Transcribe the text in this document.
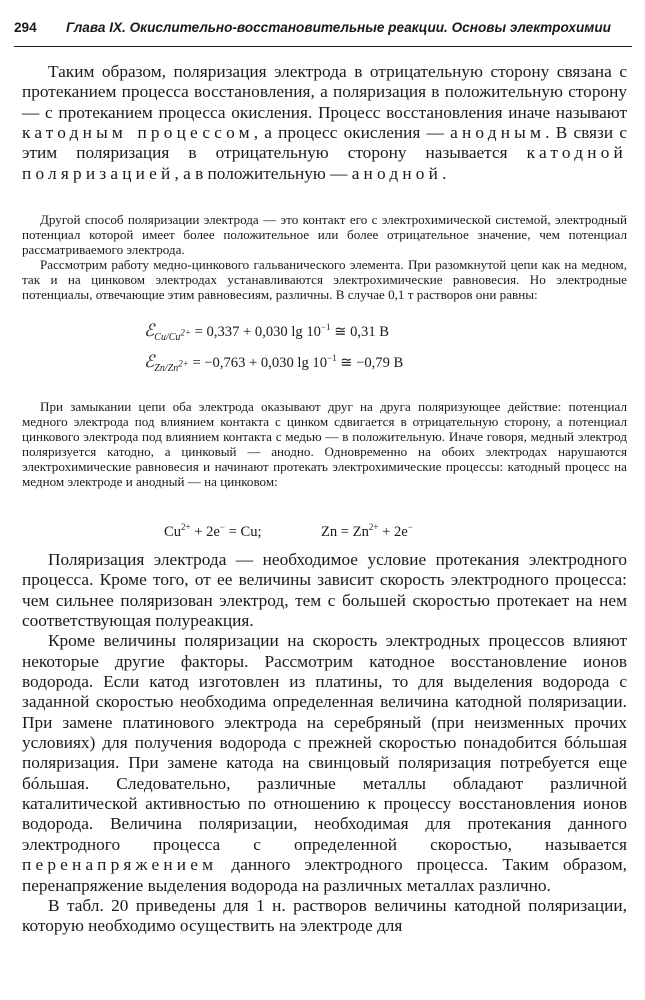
294 Глава IX. Окислительно-восстановительные реакции. Основы электрохимии

Таким образом, поляризация электрода в отрицательную сторону связана с протеканием процесса восстановления, а поляризация в положительную сторону — с протеканием процесса окисления. Процесс восстановления иначе называют катодным процессом, а процесс окисления — анодным. В связи с этим поляризация в отрицательную сторону называется катодной поляризацией, а в положительную — анодной.

Другой способ поляризации электрода — это контакт его с электрохимической системой, электродный потенциал которой имеет более положительное или более отрицательное значение, чем потенциал рассматриваемого электрода.

Рассмотрим работу медно-цинкового гальванического элемента. При разомкнутой цепи как на медном, так и на цинковом электродах устанавливаются электрохимические равновесия. Но электродные потенциалы, отвечающие этим равновесиям, различны. В случае 0,1 т растворов они равны:

ℰ$_{Cu/Cu^{2+}}$ = 0,337 + 0,030 $\lg 10^{-1}$ ≅ 0,31 В
ℰ$_{Zn/Zn^{2+}}$ = −0,763 + 0,030 $\lg 10^{-1}$ ≅ −0,79 В

При замыкании цепи оба электрода оказывают друг на друга поляризующее действие: потенциал медного электрода под влиянием контакта с цинком сдвигается в отрицательную сторону, а потенциал цинкового электрода под влиянием контакта с медью — в положительную. Иначе говоря, медный электрод поляризуется катодно, а цинковый — анодно. Одновременно на обоих электродах нарушаются электрохимические равновесия и начинают протекать электрохимические процессы: катодный процесс на медном электроде и анодный — на цинковом:

$Cu^{2+} + 2e^- = Cu$;	$Zn = Zn^{2+} + 2e^-$

Поляризация электрода — необходимое условие протекания электродного процесса. Кроме того, от ее величины зависит скорость электродного процесса: чем сильнее поляризован электрод, тем с большей скоростью протекает на нем соответствующая полуреакция.

Кроме величины поляризации на скорость электродных процессов влияют некоторые другие факторы. Рассмотрим катодное восстановление ионов водорода. Если катод изготовлен из платины, то для выделения водорода с заданной скоростью необходима определенная величина катодной поляризации. При замене платинового электрода на серебряный (при неизменных прочих условиях) для получения водорода с прежней скоростью понадобится бóльшая поляризация. При замене катода на свинцовый поляризация потребуется еще бóльшая. Следовательно, различные металлы обладают различной каталитической активностью по отношению к процессу восстановления ионов водорода. Величина поляризации, необходимая для протекания данного электродного процесса с определенной скоростью, называется перенапряжением данного электродного процесса. Таким образом, перенапряжение выделения водорода на различных металлах различно.

В табл. 20 приведены для 1 н. растворов величины катодной поляризации, которую необходимо осуществить на электроде для
